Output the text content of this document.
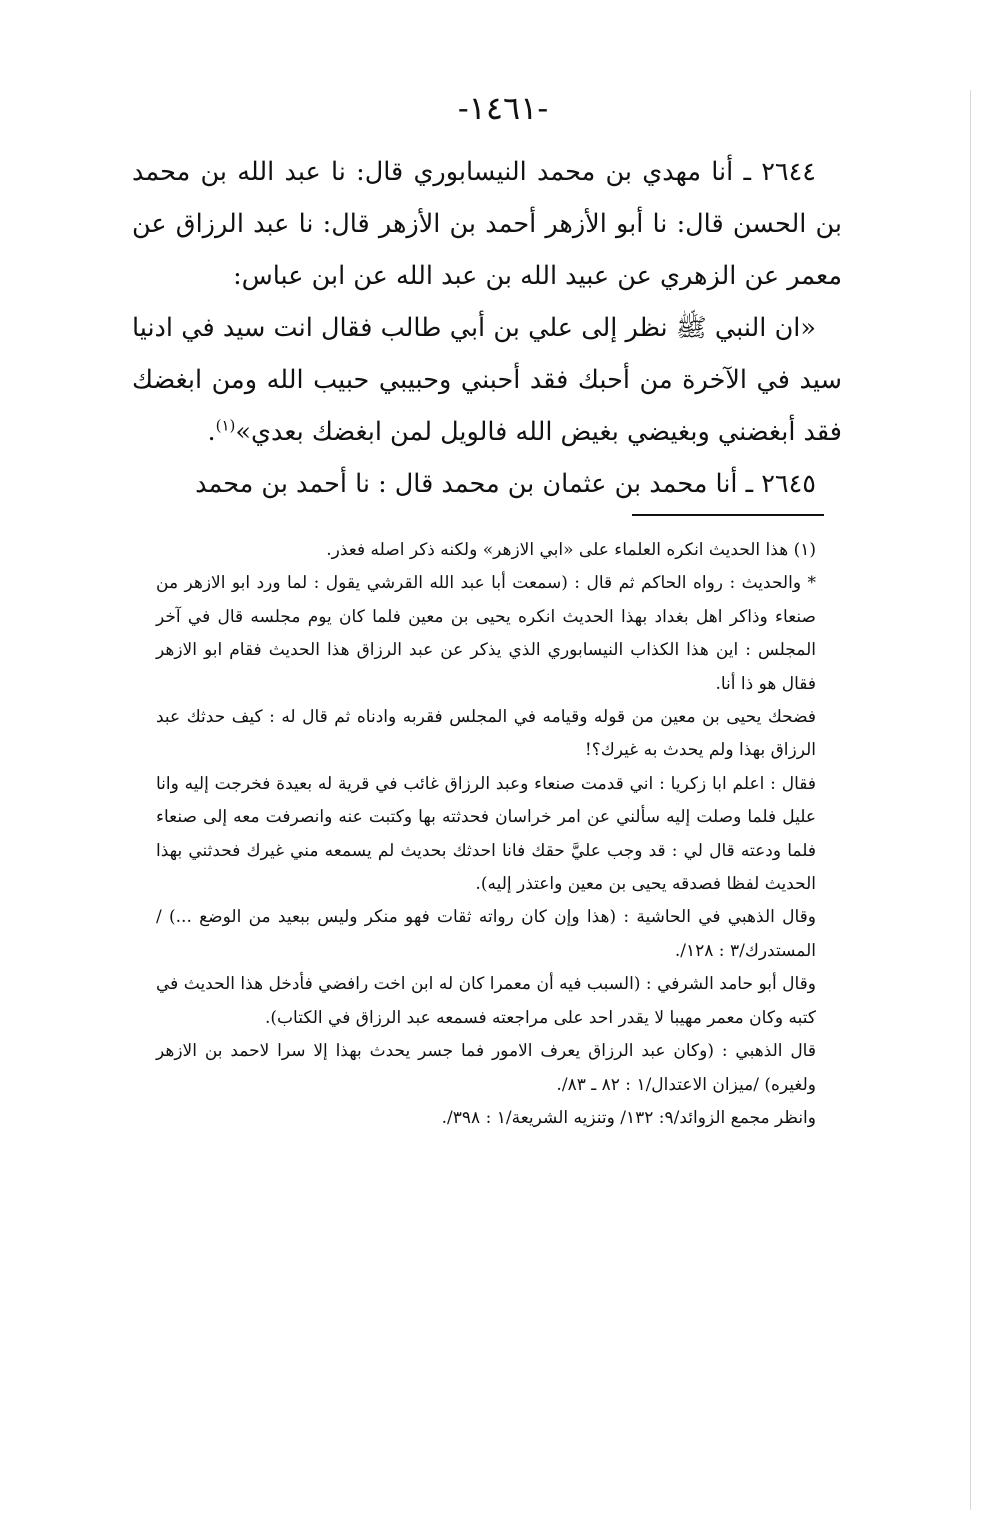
-١٤٦١-

٢٦٤٤ ـ أنا مهدي بن محمد النيسابوري قال: نا عبد الله بن محمد بن الحسن قال: نا أبو الأزهر أحمد بن الأزهر قال: نا عبد الرزاق عن معمر عن الزهري عن عبيد الله بن عبد الله عن ابن عباس:

«ان النبي ﷺ نظر إلى علي بن أبي طالب فقال انت سيد في ادنيا سيد في الآخرة من أحبك فقد أحبني وحبيبي حبيب الله ومن ابغضك فقد أبغضني وبغيضي بغيض الله فالويل لمن ابغضك بعدي»$^{(١)}$.

٢٦٤٥ ـ أنا محمد بن عثمان بن محمد قال : نا أحمد بن محمد

(١) هذا الحديث انكره العلماء على «ابي الازهر» ولكنه ذكر اصله فعذر.

* والحديث : رواه الحاكم ثم قال : (سمعت أبا عبد الله القرشي يقول : لما ورد ابو الازهر من صنعاء وذاكر اهل بغداد بهذا الحديث انكره يحيى بن معين فلما كان يوم مجلسه قال في آخر المجلس : اين هذا الكذاب النيسابوري الذي يذكر عن عبد الرزاق هذا الحديث فقام ابو الازهر فقال هو ذا أنا.

فضحك يحيى بن معين من قوله وقيامه في المجلس فقربه وادناه ثم قال له : كيف حدثك عبد الرزاق بهذا ولم يحدث به غيرك؟!

فقال : اعلم ابا زكريا : اني قدمت صنعاء وعبد الرزاق غائب في قرية له بعيدة فخرجت إليه وانا عليل فلما وصلت إليه سألني عن امر خراسان فحدثته بها وكتبت عنه وانصرفت معه إلى صنعاء فلما ودعته قال لي : قد وجب عليَّ حقك فانا احدثك بحديث لم يسمعه مني غيرك فحدثني بهذا الحديث لفظا فصدقه يحيى بن معين واعتذر إليه).

وقال الذهبي في الحاشية : (هذا وإن كان رواته ثقات فهو منكر وليس ببعيد من الوضع ...) /المستدرك/٣ : ١٢٨/.

وقال أبو حامد الشرفي : (السبب فيه أن معمرا كان له ابن اخت رافضي فأدخل هذا الحديث في كتبه وكان معمر مهيبا لا يقدر احد على مراجعته فسمعه عبد الرزاق في الكتاب).

قال الذهبي : (وكان عبد الرزاق يعرف الامور فما جسر يحدث بهذا إلا سرا لاحمد بن الازهر ولغيره) /ميزان الاعتدال/١ : ٨٢ ـ ٨٣/.

وانظر مجمع الزوائد/٩: ١٣٢/ وتنزيه الشريعة/١ : ٣٩٨/.
